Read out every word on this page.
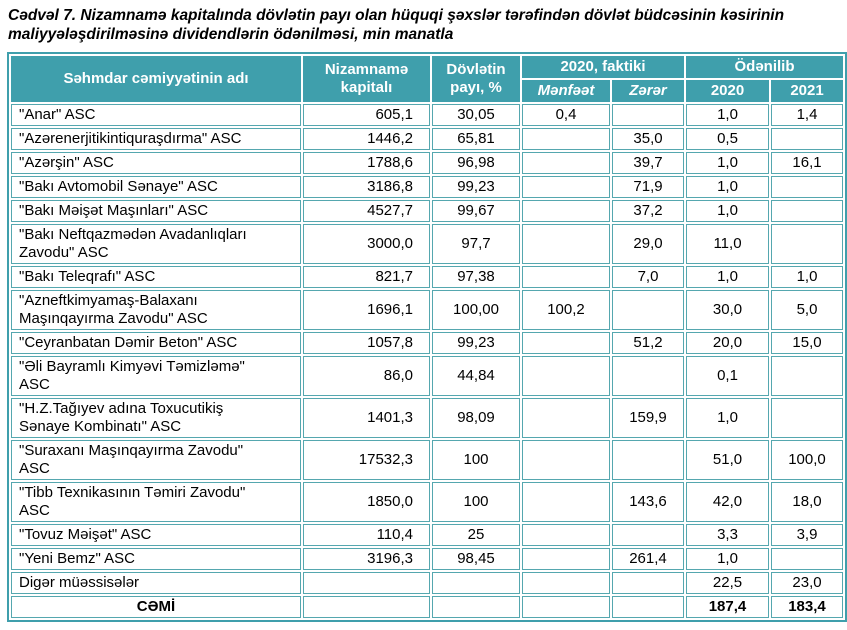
Cədvəl 7. Nizamnamə kapitalında dövlətin payı olan hüquqi şəxslər tərəfindən dövlət büdcəsinin kəsirinin maliyyələşdirilməsinə dividendlərin ödənilməsi, min manatla
Səhmdar cəmiyyətinin adı	Nizamnamə kapitalı	Dövlətin payı, %	2020, faktiki		Ödənilib	
			Mənfəət	Zərər	2020	2021
"Anar" ASC	605,1	30,05	0,4		1,0	1,4
"Azərenerjitikintiquraşdırma" ASC	1446,2	65,81		35,0	0,5	
"Azərşin" ASC	1788,6	96,98		39,7	1,0	16,1
"Bakı Avtomobil Sənaye" ASC	3186,8	99,23		71,9	1,0	
"Bakı Məişət Maşınları" ASC	4527,7	99,67		37,2	1,0	
"Bakı Neftqazmədən Avadanlıqları Zavodu" ASC	3000,0	97,7		29,0	11,0	
"Bakı Teleqrafı" ASC	821,7	97,38		7,0	1,0	1,0
"Azneftkimyamaş-Balaxanı Maşınqayırma Zavodu" ASC	1696,1	100,00	100,2		30,0	5,0
"Ceyranbatan Dəmir Beton" ASC	1057,8	99,23		51,2	20,0	15,0
"Əli Bayramlı Kimyəvi Təmizləmə" ASC	86,0	44,84			0,1	
"H.Z.Tağıyev adına Toxucutikiş Sənaye Kombinatı" ASC	1401,3	98,09		159,9	1,0	
"Suraxanı Maşınqayırma Zavodu" ASC	17532,3	100			51,0	100,0
"Tibb Texnikasının Təmiri Zavodu" ASC	1850,0	100		143,6	42,0	18,0
"Tovuz Məişət" ASC	110,4	25			3,3	3,9
"Yeni Bemz" ASC	3196,3	98,45		261,4	1,0	
Digər müəssisələr					22,5	23,0
CƏMİ					187,4	183,4
